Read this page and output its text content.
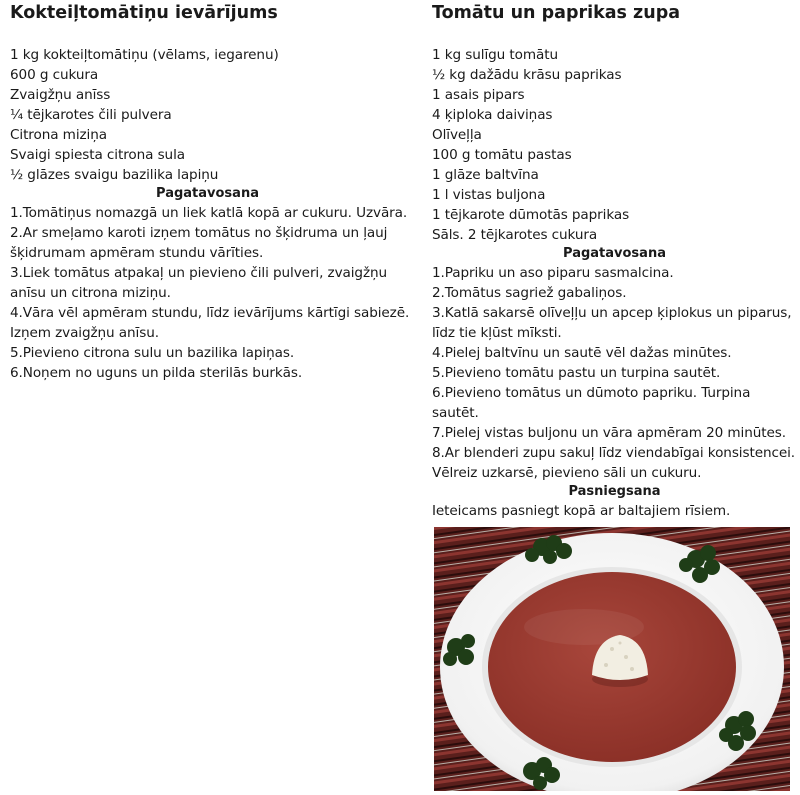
Kokteiļtomātiņu ievārījums
1 kg kokteiļtomātiņu (vēlams, iegarenu)
600 g cukura
Zvaigžņu anīss
¼ tējkarotes čili pulvera
Citrona miziņa
Svaigi spiesta citrona sula
½ glāzes svaigu bazilika lapiņu
Pagatavosana
1.Tomātiņus nomazgā un liek katlā kopā ar cukuru. Uzvāra.
2.Ar smeļamo karoti izņem tomātus no šķidruma un ļauj
šķidrumam apmēram stundu vārīties.
3.Liek tomātus atpakaļ un pievieno čili pulveri, zvaigžņu
anīsu un citrona miziņu.
4.Vāra vēl apmēram stundu, līdz ievārījums kārtīgi sabiezē.
Izņem zvaigžņu anīsu.
5.Pievieno citrona sulu un bazilika lapiņas.
6.Noņem no uguns un pilda sterilās burkās.
Tomātu un paprikas zupa
1 kg sulīgu tomātu
½ kg dažādu krāsu paprikas
1 asais pipars
4 ķiploka daiviņas
Olīveļļa
100 g tomātu pastas
1 glāze baltvīna
1 l vistas buljona
1 tējkarote dūmotās paprikas
Sāls. 2 tējkarotes cukura
Pagatavosana
1.Papriku un aso piparu sasmalcina.
2.Tomātus sagriež gabaliņos.
3.Katlā sakarsē olīveļļu un apcep ķiplokus un piparus,
līdz tie kļūst mīksti.
4.Pielej baltvīnu un sautē vēl dažas minūtes.
5.Pievieno tomātu pastu un turpina sautēt.
6.Pievieno tomātus un dūmoto papriku. Turpina
sautēt.
7.Pielej vistas buljonu un vāra apmēram 20 minūtes.
8.Ar blenderi zupu sakuļ līdz viendabīgai konsistencei.
Vēlreiz uzkarsē, pievieno sāli un cukuru.
Pasniegsana
Ieteicams pasniegt kopā ar baltajiem rīsiem.
